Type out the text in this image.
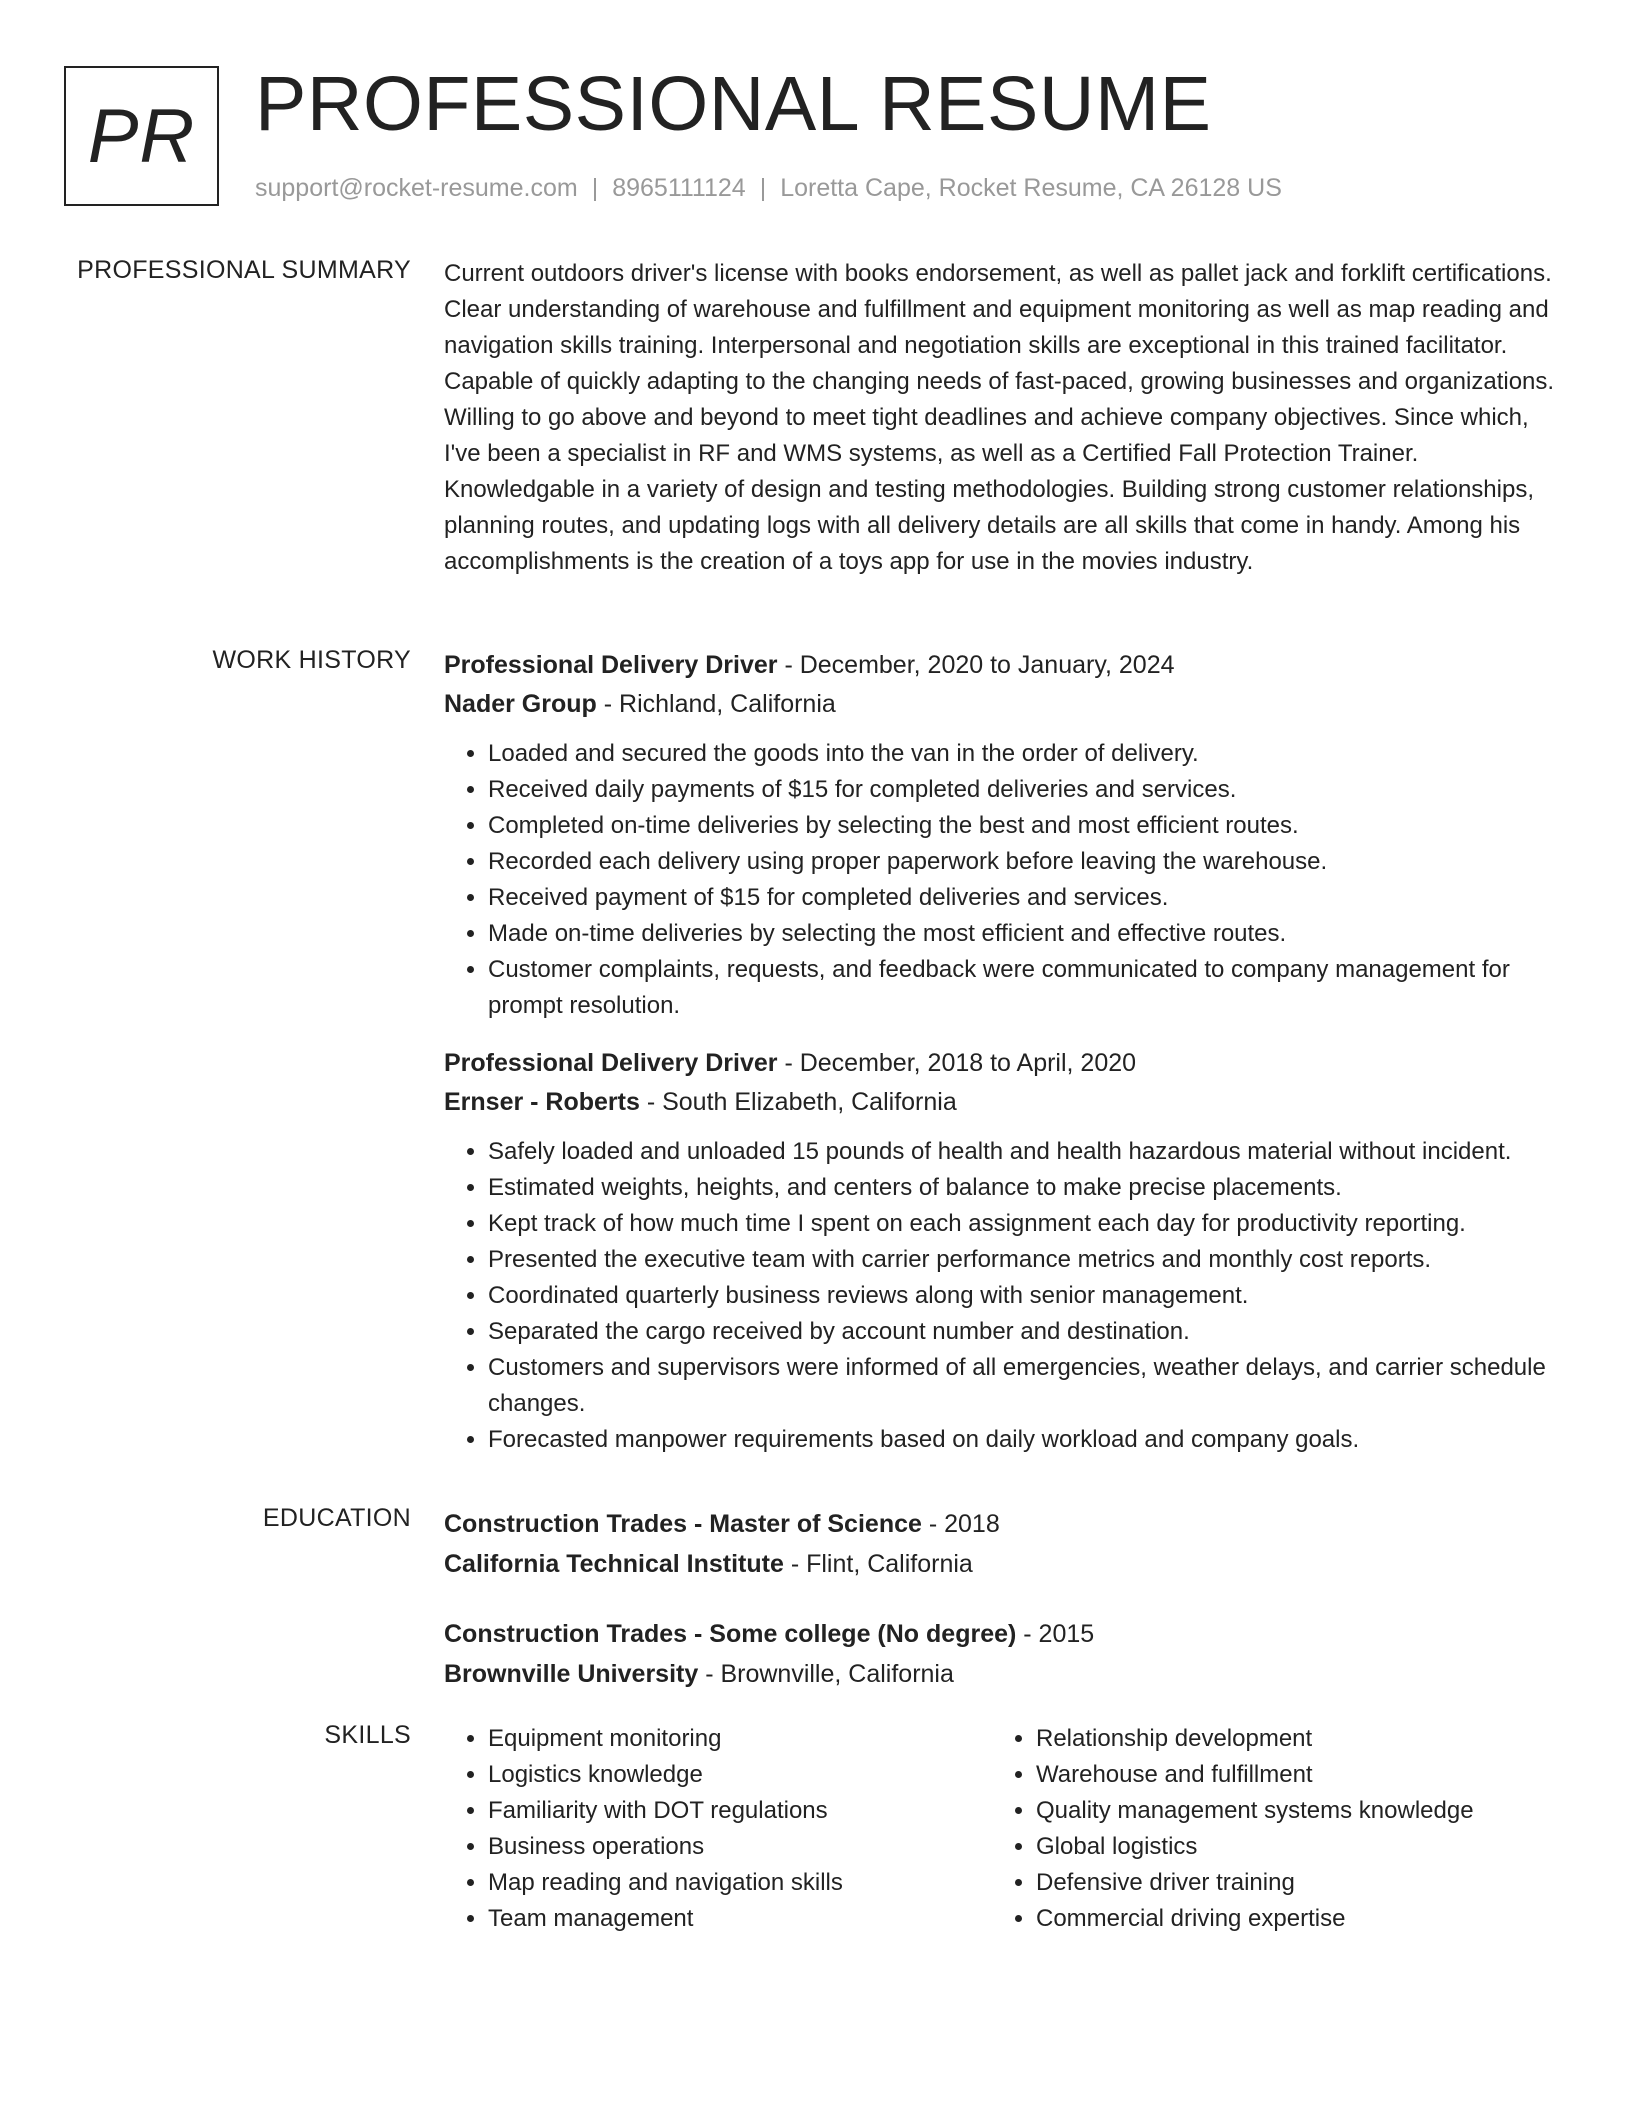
PR PROFESSIONAL RESUME
support@rocket-resume.com | 8965111124 | Loretta Cape, Rocket Resume, CA 26128 US
PROFESSIONAL SUMMARY Current outdoors driver's license with books endorsement, as well as pallet jack and forklift certifications. Clear understanding of warehouse and fulfillment and equipment monitoring as well as map reading and navigation skills training. Interpersonal and negotiation skills are exceptional in this trained facilitator. Capable of quickly adapting to the changing needs of fast-paced, growing businesses and organizations. Willing to go above and beyond to meet tight deadlines and achieve company objectives. Since which, I've been a specialist in RF and WMS systems, as well as a Certified Fall Protection Trainer. Knowledgable in a variety of design and testing methodologies. Building strong customer relationships, planning routes, and updating logs with all delivery details are all skills that come in handy. Among his accomplishments is the creation of a toys app for use in the movies industry.

WORK HISTORY Professional Delivery Driver - December, 2020 to January, 2024
Nader Group - Richland, California
• Loaded and secured the goods into the van in the order of delivery.
• Received daily payments of $15 for completed deliveries and services.
• Completed on-time deliveries by selecting the best and most efficient routes.
• Recorded each delivery using proper paperwork before leaving the warehouse.
• Received payment of $15 for completed deliveries and services.
• Made on-time deliveries by selecting the most efficient and effective routes.
• Customer complaints, requests, and feedback were communicated to company management for prompt resolution.
Professional Delivery Driver - December, 2018 to April, 2020
Ernser - Roberts - South Elizabeth, California
• Safely loaded and unloaded 15 pounds of health and health hazardous material without incident.
• Estimated weights, heights, and centers of balance to make precise placements.
• Kept track of how much time I spent on each assignment each day for productivity reporting.
• Presented the executive team with carrier performance metrics and monthly cost reports.
• Coordinated quarterly business reviews along with senior management.
• Separated the cargo received by account number and destination.
• Customers and supervisors were informed of all emergencies, weather delays, and carrier schedule changes.
• Forecasted manpower requirements based on daily workload and company goals.
EDUCATION Construction Trades - Master of Science - 2018
California Technical Institute - Flint, California
Construction Trades - Some college (No degree) - 2015
Brownville University - Brownville, California
SKILLS
•	Equipment monitoring
• Logistics knowledge
• Familiarity with DOT regulations
• Business operations
• Map reading and navigation skills
• Team management
• Relationship development
• Warehouse and fulfillment
• Quality management systems knowledge
• Global logistics
• Defensive driver training
• Commercial driving expertise
